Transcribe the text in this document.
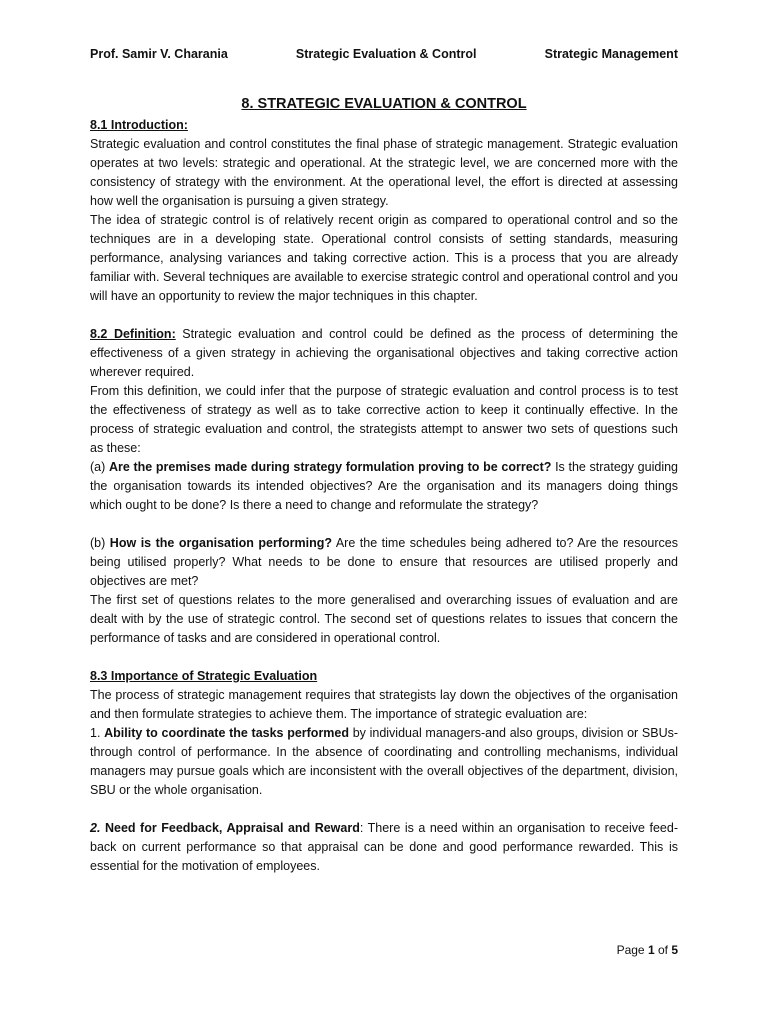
Prof. Samir V. Charania	Strategic Evaluation & Control	Strategic Management
8. STRATEGIC EVALUATION & CONTROL

8.1 Introduction:

Strategic evaluation and control constitutes the final phase of strategic management. Strategic evaluation operates at two levels: strategic and operational. At the strategic level, we are concerned more with the consistency of strategy with the environment. At the operational level, the effort is directed at assessing how well the organisation is pursuing a given strategy.

The idea of strategic control is of relatively recent origin as compared to operational control and so the techniques are in a developing state. Operational control consists of setting standards, measuring performance, analysing variances and taking corrective action. This is a process that you are already familiar with. Several techniques are available to exercise strategic control and operational control and you will have an opportunity to review the major techniques in this chapter.

8.2 Definition: Strategic evaluation and control could be defined as the process of determining the effectiveness of a given strategy in achieving the organisational objectives and taking corrective action wherever required.

From this definition, we could infer that the purpose of strategic evaluation and control process is to test the effectiveness of strategy as well as to take corrective action to keep it continually effective. In the process of strategic evaluation and control, the strategists attempt to answer two sets of questions such as these:

(a) Are the premises made during strategy formulation proving to be correct? Is the strategy guiding the organisation towards its intended objectives? Are the organisation and its managers doing things which ought to be done? Is there a need to change and reformulate the strategy?

(b) How is the organisation performing? Are the time schedules being adhered to? Are the resources being utilised properly? What needs to be done to ensure that resources are utilised properly and objectives are met?

The first set of questions relates to the more generalised and overarching issues of evaluation and are dealt with by the use of strategic control. The second set of questions relates to issues that concern the performance of tasks and are considered in operational control.

8.3 Importance of Strategic Evaluation

The process of strategic management requires that strategists lay down the objectives of the organisation and then formulate strategies to achieve them. The importance of strategic evaluation are:

1. Ability to coordinate the tasks performed by individual managers-and also groups, division or SBUs-through control of performance. In the absence of coordinating and controlling mechanisms, individual managers may pursue goals which are inconsistent with the overall objectives of the department, division, SBU or the whole organisation.

2. Need for Feedback, Appraisal and Reward: There is a need within an organisation to receive feed- back on current performance so that appraisal can be done and good performance rewarded. This is essential for the motivation of employees.

Page 1 of 5
